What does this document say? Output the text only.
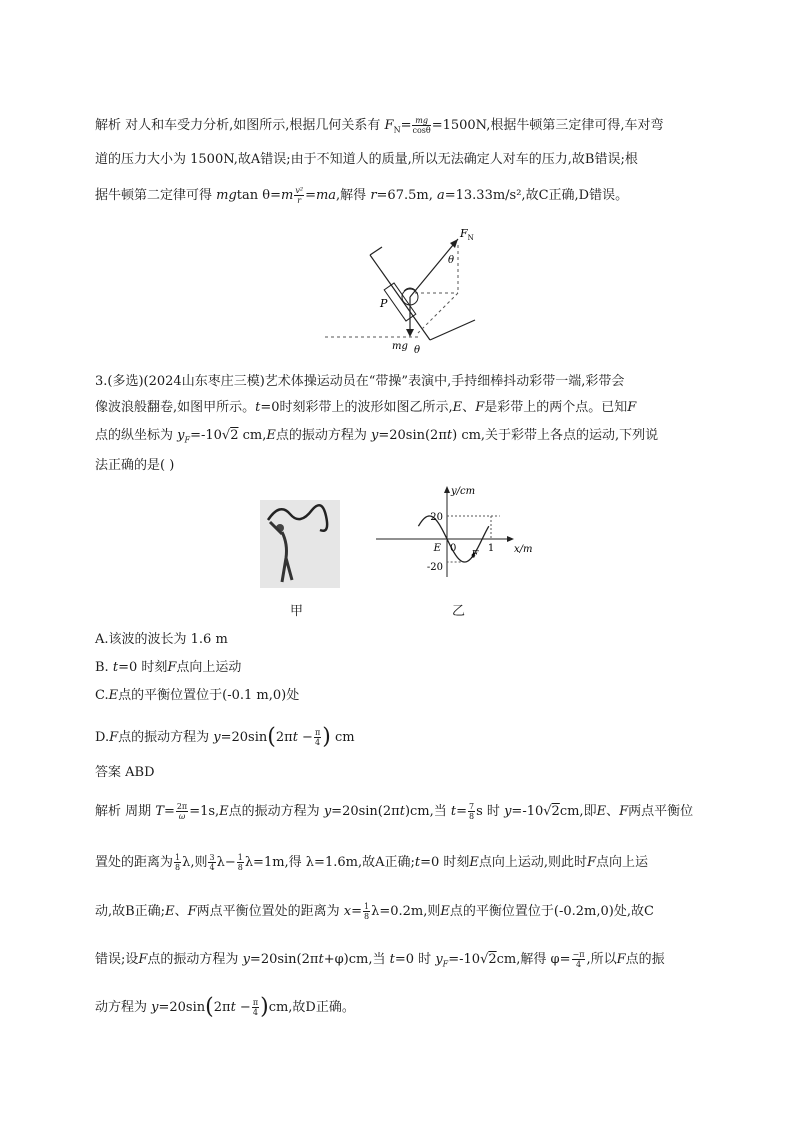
解析 对人和车受力分析,如图所示,根据几何关系有 $F_N= \frac{mg}{\cos\theta} =1500N$,根据牛顿第三定律可得,车对弯
道的压力大小为 1500N,故A错误;由于不知道人的质量,所以无法确定人对车的压力,故B错误;根
据牛顿第二定律可得 mgtan $\theta=m \frac{\text{v²}}{r} =ma$,解得 r=67.5m, a=13.33m/s²,故C正确,D错误。
$F_N$
θ
P
mg θ
3.(多选)(2024山东枣庄三模)艺术体操运动员在“带操”表演中,手持细棒抖动彩带一端,彩带会
像波浪般翻卷,如图甲所示。t=0时刻彩带上的波形如图乙所示,E、F是彩带上的两个点。已知F
点的纵坐标为 $y_F=-10√2$ cm,E点的振动方程为 y=20sin(2πt) cm,关于彩带上各点的运动,下列说
法正确的是( )
甲
y/cm
x/m
20
-20
0	1
E
F
乙
A.该波的波长为 1.6 m
B. t=0 时刻F点向上运动
C.E点的平衡位置位于(-0.1 m,0)处
D.F点的振动方程为 $y=20\sin(2\pi t - \frac{\pi}{4}$ ) cm
答案 ABD
解析 周期 $T= \frac{2\pi}{\omega} =1s,E$点的振动方程为 y=20sin(2πt)cm,当 $t= \frac{7}{8}$ s 时 y=-10√2cm,即E、F两点平衡位
置处的距离为 $\frac{1}{8} \lambda$,则 $\frac{3}{4} \lambda- \frac{1}{8} \lambda=1m$,得 λ=1.6m,故A正确;t=0 时刻E点向上运动,则此时F点向上运
动,故B正确;E、F两点平衡位置处的距离为 $x= \frac{1}{8} \lambda=0.2m$,则E点的平衡位置位于(-0.2m,0)处,故C
错误;设F点的振动方程为 y=20sin(2πt+φ)cm,当 t=0 时 $y_F=-10√2cm$,解得 $\varphi= \frac{-\pi}{4}$ ,所以F点的振
动方程为 $y=20\sin(2\pi t - \frac{\pi}{4} )cm$,故D正确。
